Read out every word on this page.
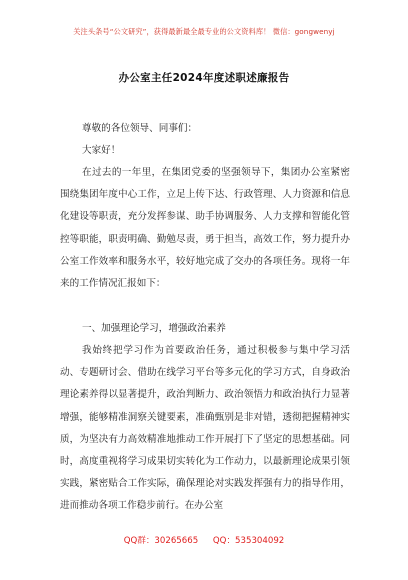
关注头条号“公文研究”，获得最新最全最专业的公文资料库！ 微信：gongwenyj
办公室主任2024年度述职述廉报告
尊敬的各位领导、同事们：
大家好！

在过去的一年里，在集团党委的坚强领导下，集团办公室紧密围绕集团年度中心工作，立足上传下达、行政管理、人力资源和信息化建设等职责，充分发挥参谋、助手协调服务、人力支撑和智能化管控等职能，职责明确、勤勉尽责，勇于担当，高效工作，努力提升办公室工作效率和服务水平，较好地完成了交办的各项任务。现将一年来的工作情况汇报如下：

一、加强理论学习，增强政治素养

我始终把学习作为首要政治任务，通过积极参与集中学习活动、专题研讨会、借助在线学习平台等多元化的学习方式，自身政治理论素养得以显著提升，政治判断力、政治领悟力和政治执行力显著增强，能够精准洞察关键要素，准确甄别是非对错，透彻把握精神实质，为坚决有力高效精准地推动工作开展打下了坚定的思想基础。同时，高度重视将学习成果切实转化为工作动力，以最新理论成果引领实践，紧密贴合工作实际，确保理论对实践发挥强有力的指导作用，进而推动各项工作稳步前行。在办公室

QQ群：30265665 QQ：535304092
